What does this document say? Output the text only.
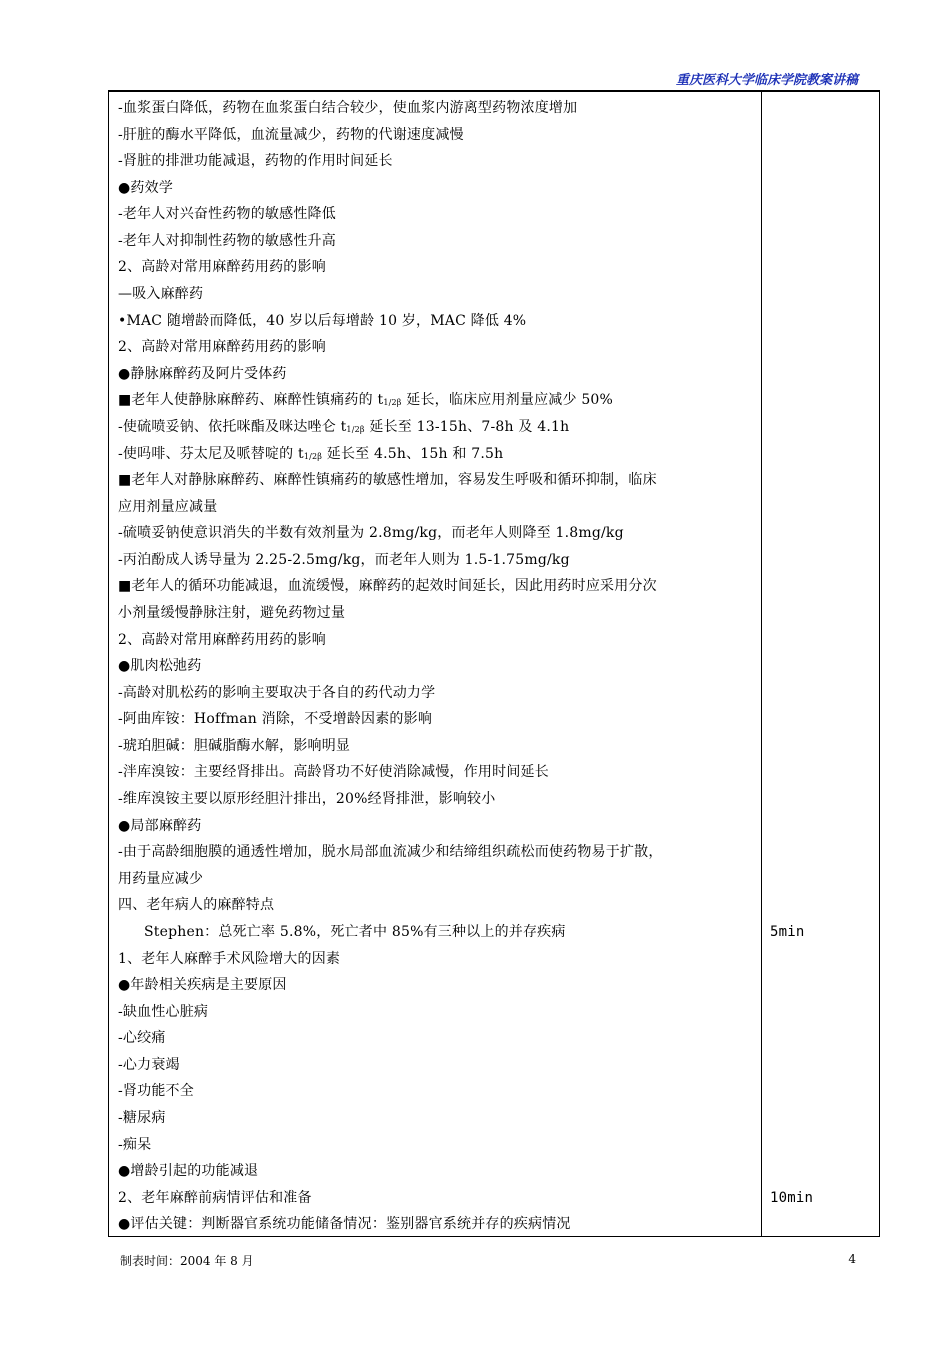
重庆医科大学临床学院教案讲稿
-血浆蛋白降低，药物在血浆蛋白结合较少，使血浆内游离型药物浓度增加
-肝脏的酶水平降低，血流量减少，药物的代谢速度减慢
-肾脏的排泄功能减退，药物的作用时间延长
●药效学
-老年人对兴奋性药物的敏感性降低
-老年人对抑制性药物的敏感性升高
2、高龄对常用麻醉药用药的影响
—吸入麻醉药
•MAC 随增龄而降低，40 岁以后每增龄 10 岁，MAC 降低 4%
2、高龄对常用麻醉药用药的影响
●静脉麻醉药及阿片受体药
■老年人使静脉麻醉药、麻醉性镇痛药的 $t_{1/2\beta}$ 延长，临床应用剂量应减少 50%
-使硫喷妥钠、依托咪酯及咪达唑仑 $t_{1/2\beta}$ 延长至 13-15h、7-8h 及 4.1h
-使吗啡、芬太尼及哌替啶的 $t_{1/2\beta}$ 延长至 4.5h、15h 和 7.5h
■老年人对静脉麻醉药、麻醉性镇痛药的敏感性增加，容易发生呼吸和循环抑制，临床
应用剂量应减量
-硫喷妥钠使意识消失的半数有效剂量为 2.8mg/kg，而老年人则降至 1.8mg/kg
-丙泊酚成人诱导量为 2.25-2.5mg/kg，而老年人则为 1.5-1.75mg/kg
■老年人的循环功能减退，血流缓慢，麻醉药的起效时间延长，因此用药时应采用分次
小剂量缓慢静脉注射，避免药物过量
2、高龄对常用麻醉药用药的影响
●肌肉松弛药
-高龄对肌松药的影响主要取决于各自的药代动力学
-阿曲库铵：Hoffman 消除，不受增龄因素的影响
-琥珀胆碱：胆碱脂酶水解，影响明显
-泮库溴铵：主要经肾排出。高龄肾功不好使消除减慢，作用时间延长
-维库溴铵主要以原形经胆汁排出，20%经肾排泄，影响较小
●局部麻醉药
-由于高龄细胞膜的通透性增加，脱水局部血流减少和结缔组织疏松而使药物易于扩散，
用药量应减少
四、老年病人的麻醉特点
Stephen：总死亡率 5.8%，死亡者中 85%有三种以上的并存疾病
1、老年人麻醉手术风险增大的因素
●年龄相关疾病是主要原因
-缺血性心脏病
-心绞痛
-心力衰竭
-肾功能不全
-糖尿病
-痴呆
●增龄引起的功能减退
2、老年麻醉前病情评估和准备
●评估关键：判断器官系统功能储备情况：鉴别器官系统并存的疾病情况
5min
10min
制表时间：2004 年 8 月	4
